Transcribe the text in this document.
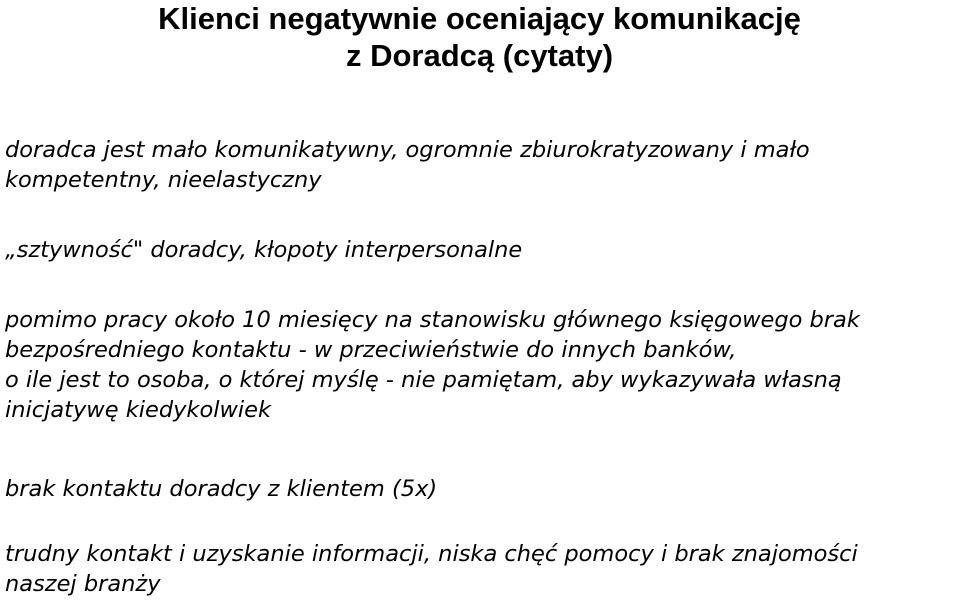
Klienci negatywnie oceniający komunikację
z Doradcą (cytaty)
doradca jest mało komunikatywny, ogromnie zbiurokratyzowany i mało
kompetentny, nieelastyczny
„sztywność" doradcy, kłopoty interpersonalne
pomimo pracy około 10 miesięcy na stanowisku głównego księgowego brak
bezpośredniego kontaktu - w przeciwieństwie do innych banków,
o ile jest to osoba, o której myślę - nie pamiętam, aby wykazywała własną
inicjatywę kiedykolwiek
brak kontaktu doradcy z klientem (5x)
trudny kontakt i uzyskanie informacji, niska chęć pomocy i brak znajomości
naszej branży
